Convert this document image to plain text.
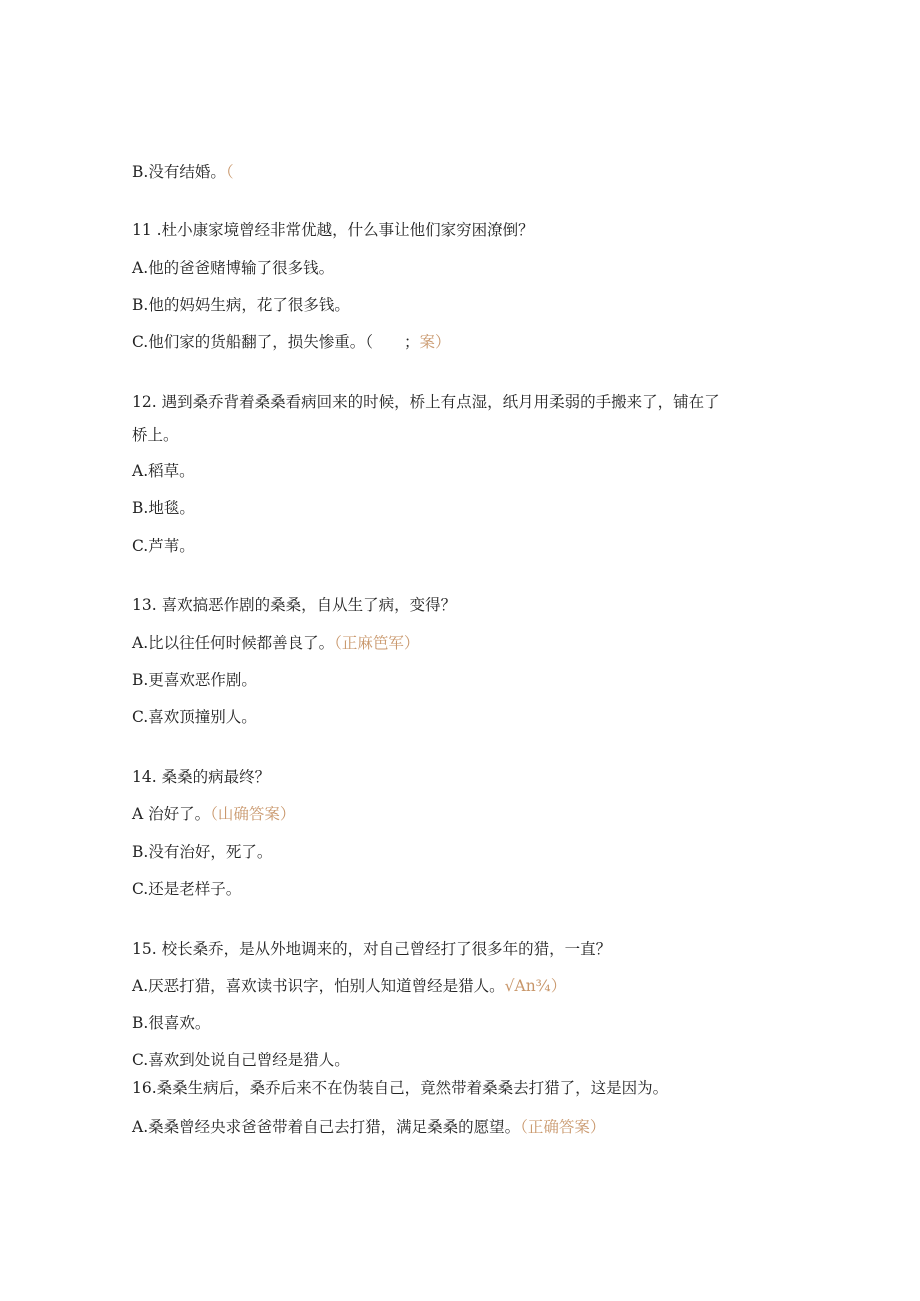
B.没有结婚。（
11 .杜小康家境曾经非常优越，什么事让他们家穷困潦倒？
A.他的爸爸赌博输了很多钱。
B.他的妈妈生病，花了很多钱。
C.他们家的货船翻了，损失惨重。（　　；案）
12. 遇到桑乔背着桑桑看病回来的时候，桥上有点湿，纸月用柔弱的手搬来了，铺在了
桥上。
A.稻草。
B.地毯。
C.芦苇。
13. 喜欢搞恶作剧的桑桑，自从生了病，变得？
A.比以往任何时候都善良了。（正麻笆军）
B.更喜欢恶作剧。
C.喜欢顶撞别人。
14. 桑桑的病最终？
A 治好了。（山确答案）
B.没有治好，死了。
C.还是老样子。
15. 校长桑乔，是从外地调来的，对自己曾经打了很多年的猎，一直？
A.厌恶打猎，喜欢读书识字，怕别人知道曾经是猎人。√An¾）
B.很喜欢。
C.喜欢到处说自己曾经是猎人。
16.桑桑生病后，桑乔后来不在伪装自己，竟然带着桑桑去打猎了，这是因为。
A.桑桑曾经央求爸爸带着自己去打猎，满足桑桑的愿望。（正确答案）
